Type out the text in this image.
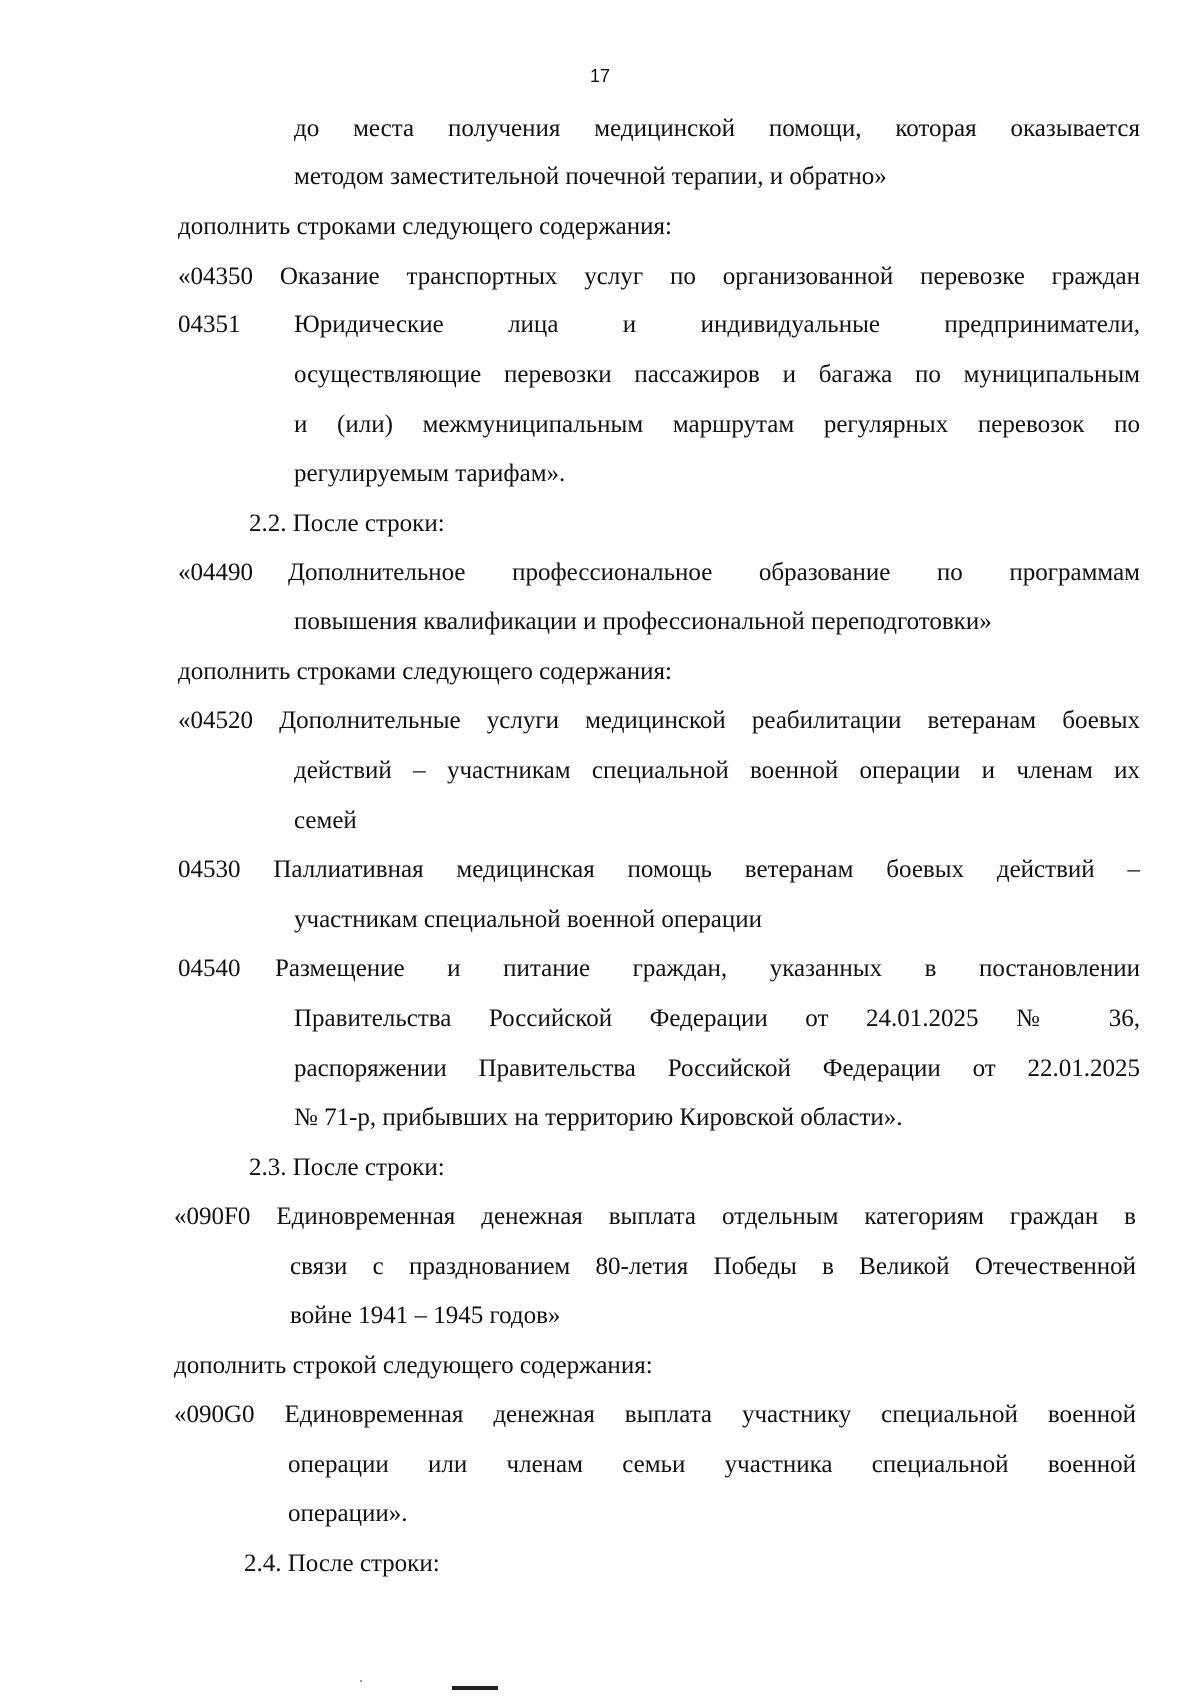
17
до места получения медицинской помощи, которая оказывается
методом заместительной почечной терапии, и обратно»
дополнить строками следующего содержания:
«04350 Оказание транспортных услуг по организованной перевозке граждан
04351 Юридические лица и индивидуальные предприниматели,
осуществляющие перевозки пассажиров и багажа по муниципальным
и (или) межмуниципальным маршрутам регулярных перевозок по
регулируемым тарифам».
2.2. После строки:
«04490 Дополнительное профессиональное образование по программам
повышения квалификации и профессиональной переподготовки»
дополнить строками следующего содержания:
«04520 Дополнительные услуги медицинской реабилитации ветеранам боевых
действий – участникам специальной военной операции и членам их
семей
04530 Паллиативная медицинская помощь ветеранам боевых действий –
участникам специальной военной операции
04540 Размещение и питание граждан, указанных в постановлении
Правительства Российской Федерации от 24.01.2025 № 36,
распоряжении Правительства Российской Федерации от 22.01.2025
№ 71-р, прибывших на территорию Кировской области».
2.3. После строки:
«090F0 Единовременная денежная выплата отдельным категориям граждан в
связи с празднованием 80-летия Победы в Великой Отечественной
войне 1941 – 1945 годов»
дополнить строкой следующего содержания:
«090G0 Единовременная денежная выплата участнику специальной военной
операции или членам семьи участника специальной военной
операции».
2.4. После строки:
